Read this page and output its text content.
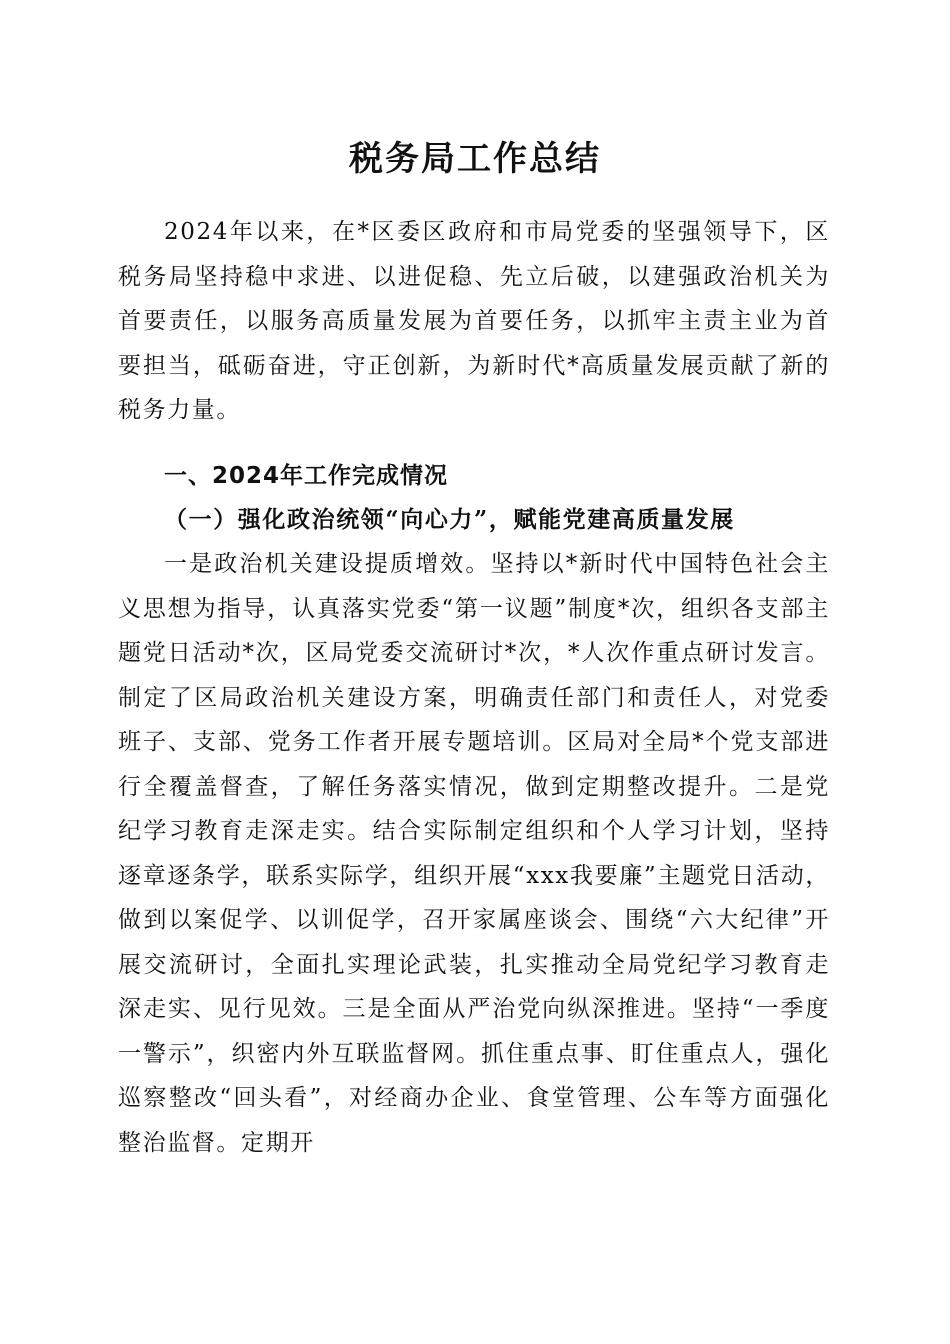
税务局工作总结

2024年以来，在*区委区政府和市局党委的坚强领导下，区税务局坚持稳中求进、以进促稳、先立后破，以建强政治机关为首要责任，以服务高质量发展为首要任务，以抓牢主责主业为首要担当，砥砺奋进，守正创新，为新时代*高质量发展贡献了新的税务力量。

一、2024年工作完成情况
（一）强化政治统领“向心力”，赋能党建高质量发展

一是政治机关建设提质增效。坚持以*新时代中国特色社会主义思想为指导，认真落实党委“第一议题”制度*次，组织各支部主题党日活动*次，区局党委交流研讨*次，*人次作重点研讨发言。制定了区局政治机关建设方案，明确责任部门和责任人，对党委班子、支部、党务工作者开展专题培训。区局对全局*个党支部进行全覆盖督查，了解任务落实情况，做到定期整改提升。二是党纪学习教育走深走实。结合实际制定组织和个人学习计划，坚持逐章逐条学，联系实际学，组织开展“xxx我要廉”主题党日活动，做到以案促学、以训促学，召开家属座谈会、围绕“六大纪律”开展交流研讨，全面扎实理论武装，扎实推动全局党纪学习教育走深走实、见行见效。三是全面从严治党向纵深推进。坚持“一季度一警示”，织密内外互联监督网。抓住重点事、盯住重点人，强化巡察整改“回头看”，对经商办企业、食堂管理、公车等方面强化整治监督。定期开
